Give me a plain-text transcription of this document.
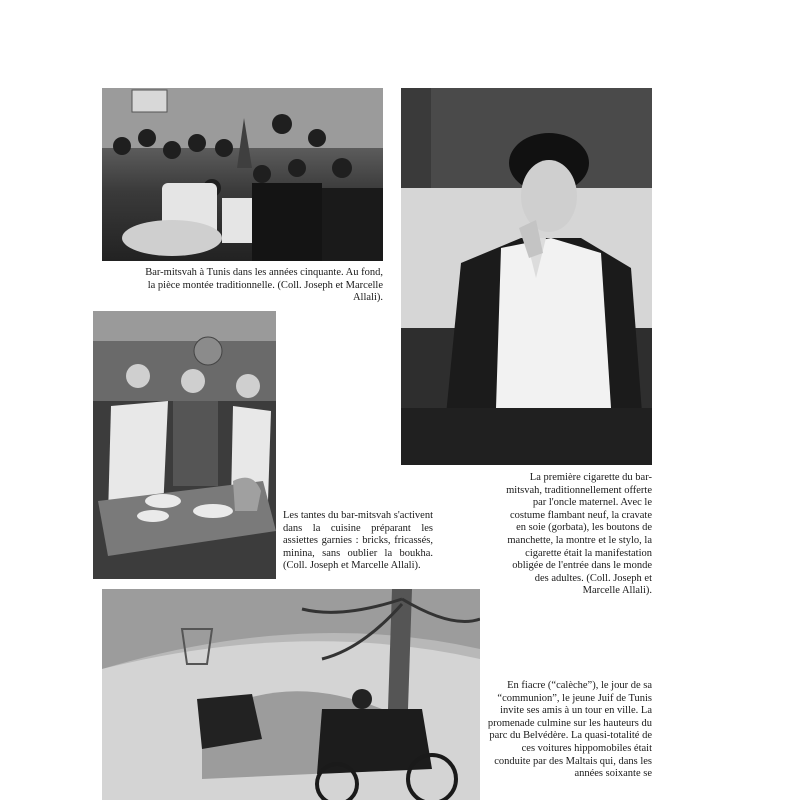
Bar-mitsvah à Tunis dans les années cinquante. Au fond, la pièce montée traditionnelle. (Coll. Joseph et Marcelle Allali).
La première cigarette du bar-mitsvah, traditionnellement offerte par l'oncle maternel. Avec le costume flambant neuf, la cravate en soie (gorbata), les boutons de manchette, la montre et le stylo, la cigarette était la manifestation obligée de l'entrée dans le monde des adultes. (Coll. Joseph et Marcelle Allali).
Les tantes du bar-mitsvah s'activent dans la cuisine préparant les assiettes garnies : bricks, fricassés, minina, sans oublier la boukha. (Coll. Joseph et Marcelle Allali).
En fiacre (“calèche”), le jour de sa “communion”, le jeune Juif de Tunis invite ses amis à un tour en ville. La promenade culmine sur les hauteurs du parc du Belvédère. La quasi-totalité de ces voitures hippomobiles était conduite par des Maltais qui, dans les années soixante se
